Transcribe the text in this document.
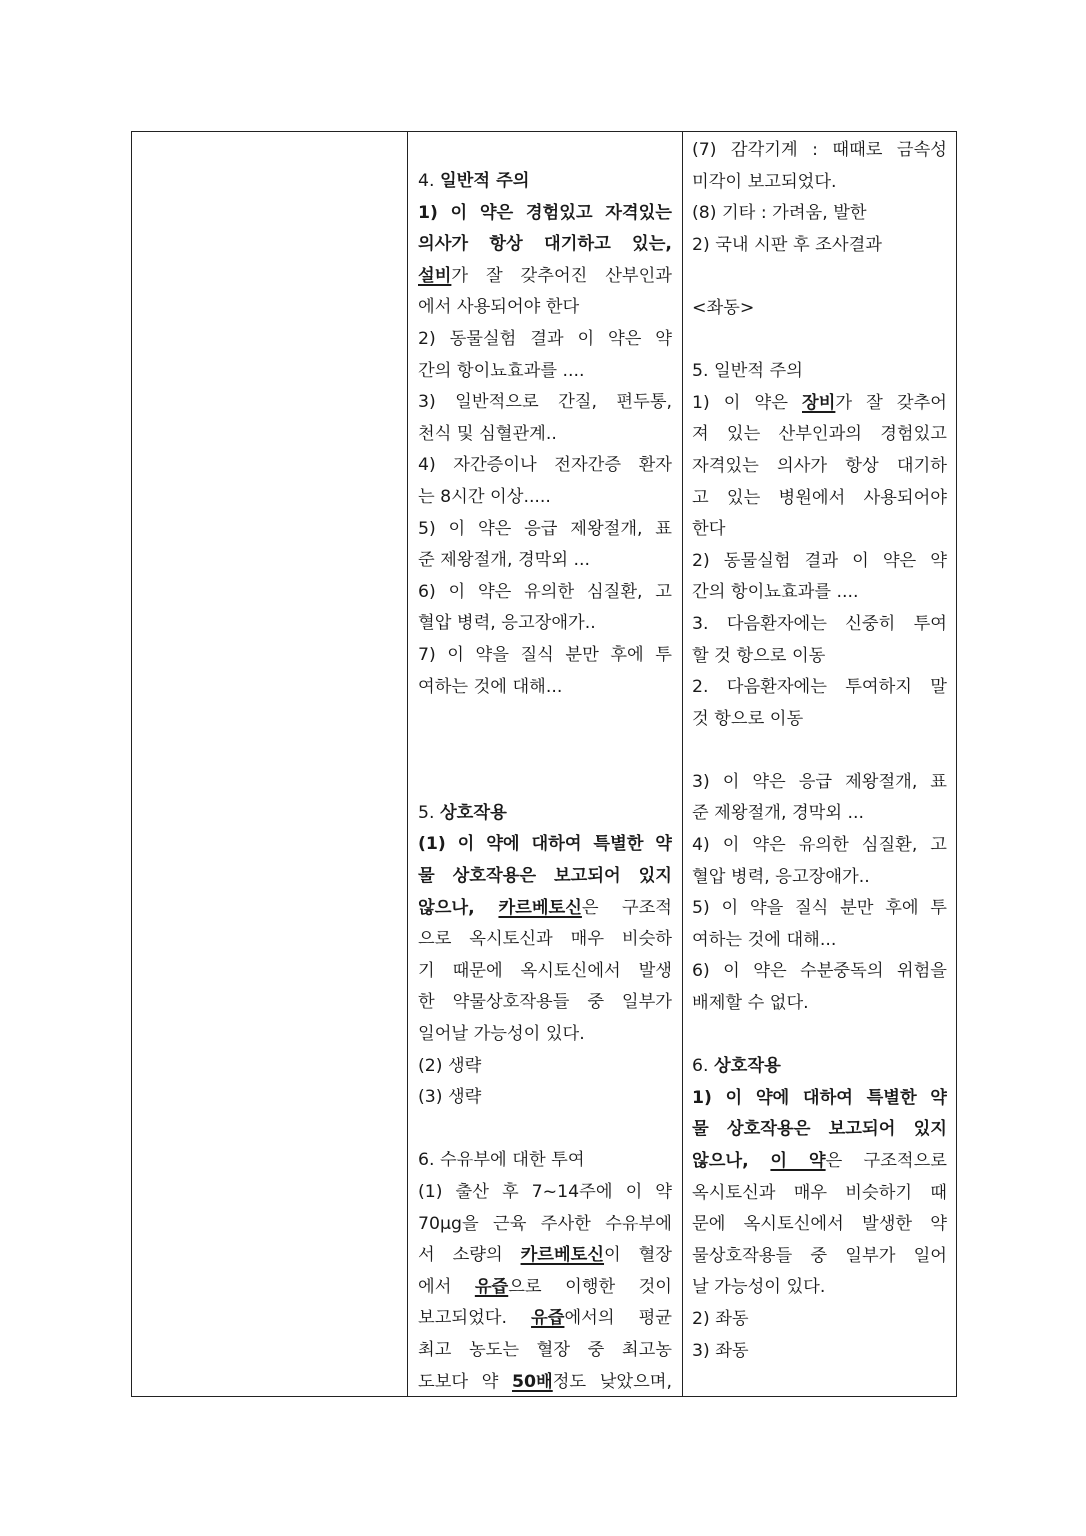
4. 일반적 주의
1) 이 약은 경험있고 자격있는
의사가 항상 대기하고 있는,
설비가 잘 갖추어진 산부인과
에서 사용되어야 한다
2) 동물실험 결과 이 약은 약
간의 항이뇨효과를 ....
3) 일반적으로 간질, 편두통,
천식 및 심혈관계..
4) 자간증이나 전자간증 환자
는 8시간 이상.....
5) 이 약은 응급 제왕절개, 표
준 제왕절개, 경막외 ...
6) 이 약은 유의한 심질환, 고
혈압 병력, 응고장애가..
7) 이 약을 질식 분만 후에 투
여하는 것에 대해...
5. 상호작용
(1) 이 약에 대하여 특별한 약
물 상호작용은 보고되어 있지
않으나, 카르베토신은 구조적
으로 옥시토신과 매우 비슷하
기 때문에 옥시토신에서 발생
한 약물상호작용들 중 일부가
일어날 가능성이 있다.
(2) 생략
(3) 생략
6. 수유부에 대한 투여
(1) 출산 후 7~14주에 이 약
70μg을 근육 주사한 수유부에
서 소량의 카르베토신이 혈장
에서 유즙으로 이행한 것이
보고되었다. 유즙에서의 평균
최고 농도는 혈장 중 최고농
도보다 약 50배정도 낮았으며,
(7) 감각기계 : 때때로 금속성
미각이 보고되었다.
(8) 기타 : 가려움, 발한
2) 국내 시판 후 조사결과
<좌동>
5. 일반적 주의
1) 이 약은 장비가 잘 갖추어
져 있는 산부인과의 경험있고
자격있는 의사가 항상 대기하
고 있는 병원에서 사용되어야
한다
2) 동물실험 결과 이 약은 약
간의 항이뇨효과를 ....
3. 다음환자에는 신중히 투여
할 것 항으로 이동
2. 다음환자에는 투여하지 말
것 항으로 이동
3) 이 약은 응급 제왕절개, 표
준 제왕절개, 경막외 ...
4) 이 약은 유의한 심질환, 고
혈압 병력, 응고장애가..
5) 이 약을 질식 분만 후에 투
여하는 것에 대해...
6) 이 약은 수분중독의 위험을
배제할 수 없다.
6. 상호작용
1) 이 약에 대하여 특별한 약
물 상호작용은 보고되어 있지
않으나, 이 약은 구조적으로
옥시토신과 매우 비슷하기 때
문에 옥시토신에서 발생한 약
물상호작용들 중 일부가 일어
날 가능성이 있다.
2) 좌동
3) 좌동
